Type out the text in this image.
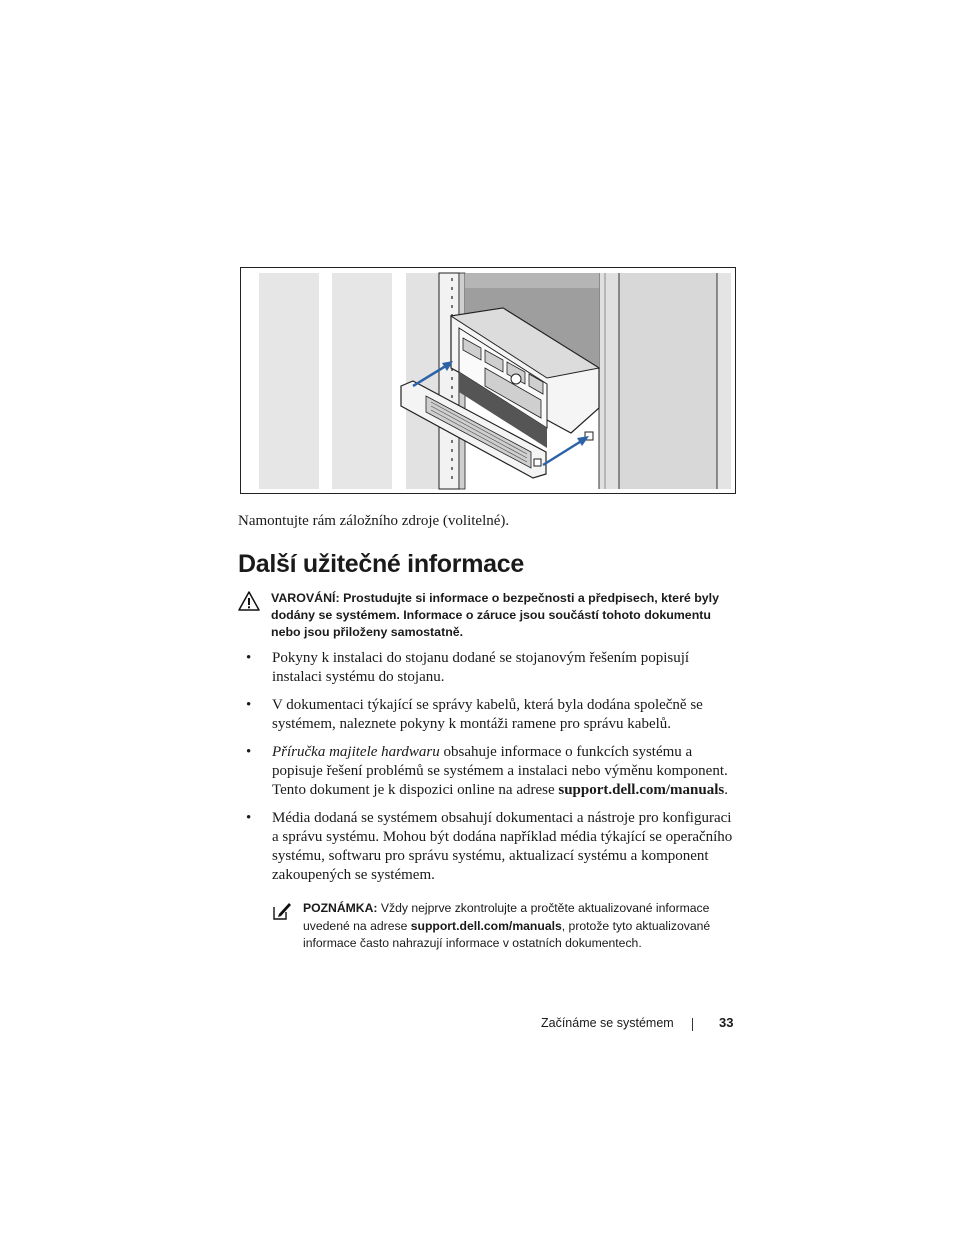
Namontujte rám záložního zdroje (volitelné).
Další užitečné informace
VAROVÁNÍ: Prostudujte si informace o bezpečnosti a předpisech, které byly dodány se systémem. Informace o záruce jsou součástí tohoto dokumentu nebo jsou přiloženy samostatně.
• Pokyny k instalaci do stojanu dodané se stojanovým řešením popisují instalaci systému do stojanu.
• V dokumentaci týkající se správy kabelů, která byla dodána společně se systémem, naleznete pokyny k montáži ramene pro správu kabelů.
• Příručka majitele hardwaru obsahuje informace o funkcích systému a popisuje řešení problémů se systémem a instalaci nebo výměnu komponent. Tento dokument je k dispozici online na adrese support.dell.com/manuals.
• Média dodaná se systémem obsahují dokumentaci a nástroje pro konfiguraci a správu systému. Mohou být dodána například média týkající se operačního systému, softwaru pro správu systému, aktualizací systému a komponent zakoupených se systémem.
POZNÁMKA: Vždy nejprve zkontrolujte a pročtěte aktualizované informace uvedené na adrese support.dell.com/manuals, protože tyto aktualizované informace často nahrazují informace v ostatních dokumentech.
Začínáme se systémem	33
